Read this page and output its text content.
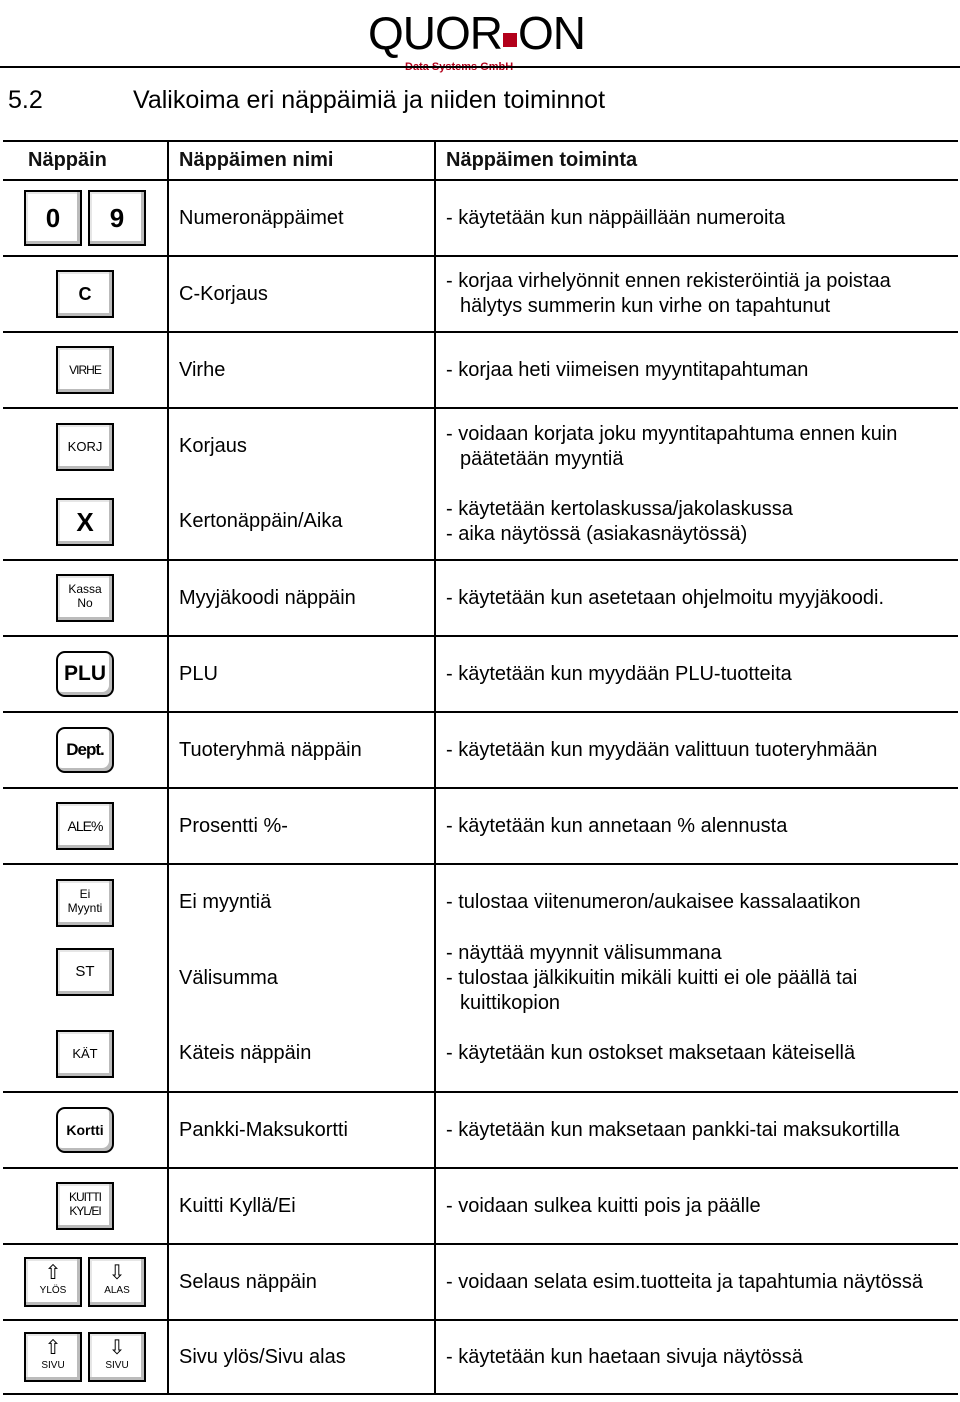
QUOR ON
Data Systems GmbH
5.2	Valikoima eri näppäimiä ja niiden toiminnot
Näppäin	Näppäimen nimi	Näppäimen toiminta
0 9	Numeronäppäimet	- käytetään kun näppäillään numeroita

C	C-Korjaus	- korjaa virhelyönnit ennen rekisteröintiä ja poistaa
hälytys summerin kun virhe on tapahtunut

VIRHE	Virhe	- korjaa heti viimeisen myyntitapahtuman

KORJ	Korjaus	- voidaan korjata joku myyntitapahtuma ennen kuin
päätetään myyntiä

X	Kertonäppäin/Aika	- käytetään kertolaskussa/jakolaskussa
- aika näytössä (asiakasnäytössä)

Kassa
No	Myyjäkoodi näppäin	- käytetään kun asetetaan ohjelmoitu myyjäkoodi.

PLU	PLU	- käytetään kun myydään PLU-tuotteita

Dept.	Tuoteryhmä näppäin	- käytetään kun myydään valittuun tuoteryhmään

ALE%	Prosentti %-	- käytetään kun annetaan % alennusta

Ei
Myynti	Ei myyntiä	- tulostaa viitenumeron/aukaisee kassalaatikon

ST	Välisumma	- näyttää myynnit välisummana
- tulostaa jälkikuitin mikäli kuitti ei ole päällä tai
kuittikopion

KÄT	Käteis näppäin	- käytetään kun ostokset maksetaan käteisellä

Kortti	Pankki-Maksukortti	- käytetään kun maksetaan pankki-tai maksukortilla

KUITTI
KYL/EI	Kuitti Kyllä/Ei	- voidaan sulkea kuitti pois ja päälle

⇧
YLÖS
⇩
ALAS	Selaus näppäin	- voidaan selata esim.tuotteita ja tapahtumia näytössä

⇧
SIVU
⇩
SIVU	Sivu ylös/Sivu alas	- käytetään kun haetaan sivuja näytössä
